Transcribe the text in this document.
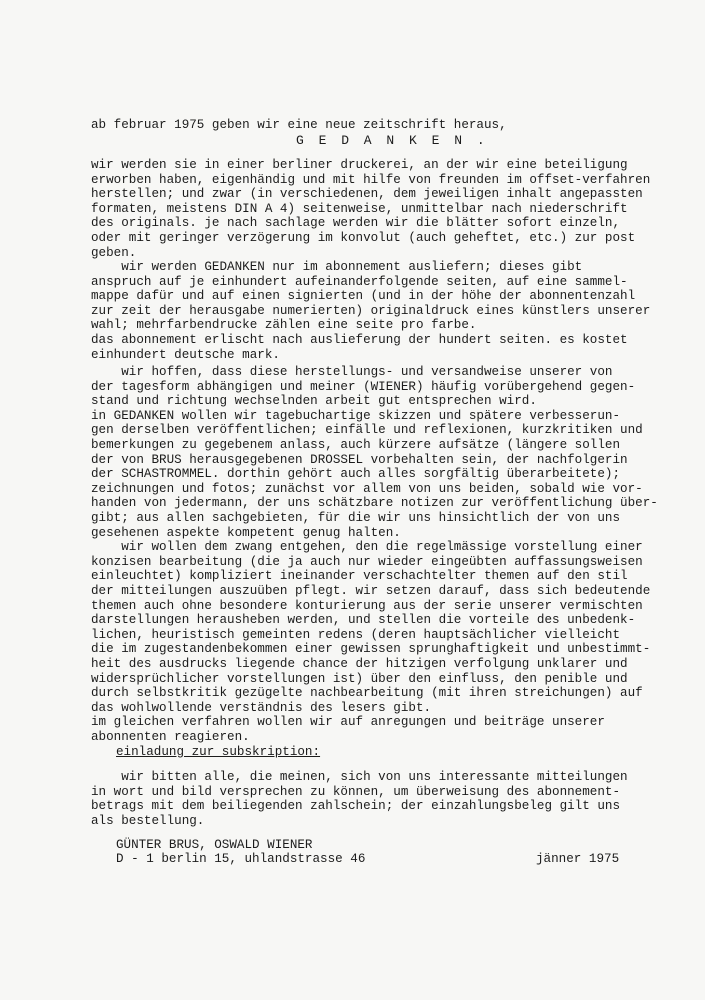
ab februar 1975 geben wir eine neue zeitschrift heraus,
G E D A N K E N .
wir werden sie in einer berliner druckerei, an der wir eine beteiligung
erworben haben, eigenhändig und mit hilfe von freunden im offset-verfahren
herstellen; und zwar (in verschiedenen, dem jeweiligen inhalt angepassten
formaten, meistens DIN A 4) seitenweise, unmittelbar nach niederschrift
des originals. je nach sachlage werden wir die blätter sofort einzeln,
oder mit geringer verzögerung im konvolut (auch geheftet, etc.) zur post
geben.
wir werden GEDANKEN nur im abonnement ausliefern; dieses gibt
anspruch auf je einhundert aufeinanderfolgende seiten, auf eine sammel-
mappe dafür und auf einen signierten (und in der höhe der abonnentenzahl
zur zeit der herausgabe numerierten) originaldruck eines künstlers unserer
wahl; mehrfarbendrucke zählen eine seite pro farbe.
das abonnement erlischt nach auslieferung der hundert seiten. es kostet
einhundert deutsche mark.
wir hoffen, dass diese herstellungs- und versandweise unserer von
der tagesform abhängigen und meiner (WIENER) häufig vorübergehend gegen-
stand und richtung wechselnden arbeit gut entsprechen wird.
in GEDANKEN wollen wir tagebuchartige skizzen und spätere verbesserun-
gen derselben veröffentlichen; einfälle und reflexionen, kurzkritiken und
bemerkungen zu gegebenem anlass, auch kürzere aufsätze (längere sollen
der von BRUS herausgegebenen DROSSEL vorbehalten sein, der nachfolgerin
der SCHASTROMMEL. dorthin gehört auch alles sorgfältig überarbeitete);
zeichnungen und fotos; zunächst vor allem von uns beiden, sobald wie vor-
handen von jedermann, der uns schätzbare notizen zur veröffentlichung über-
gibt; aus allen sachgebieten, für die wir uns hinsichtlich der von uns
gesehenen aspekte kompetent genug halten.
wir wollen dem zwang entgehen, den die regelmässige vorstellung einer
konzisen bearbeitung (die ja auch nur wieder eingeübten auffassungsweisen
einleuchtet) kompliziert ineinander verschachtelter themen auf den stil
der mitteilungen auszuüben pflegt. wir setzen darauf, dass sich bedeutende
themen auch ohne besondere konturierung aus der serie unserer vermischten
darstellungen herausheben werden, und stellen die vorteile des unbedenk-
lichen, heuristisch gemeinten redens (deren hauptsächlicher vielleicht
die im zugestandenbekommen einer gewissen sprunghaftigkeit und unbestimmt-
heit des ausdrucks liegende chance der hitzigen verfolgung unklarer und
widersprüchlicher vorstellungen ist) über den einfluss, den penible und
durch selbstkritik gezügelte nachbearbeitung (mit ihren streichungen) auf
das wohlwollende verständnis des lesers gibt.
im gleichen verfahren wollen wir auf anregungen und beiträge unserer
abonnenten reagieren.
einladung zur subskription:
wir bitten alle, die meinen, sich von uns interessante mitteilungen
in wort und bild versprechen zu können, um überweisung des abonnement-
betrags mit dem beiliegenden zahlschein; der einzahlungsbeleg gilt uns
als bestellung.
GÜNTER BRUS, OSWALD WIENER
D - 1 berlin 15, uhlandstrasse 46	jänner 1975
